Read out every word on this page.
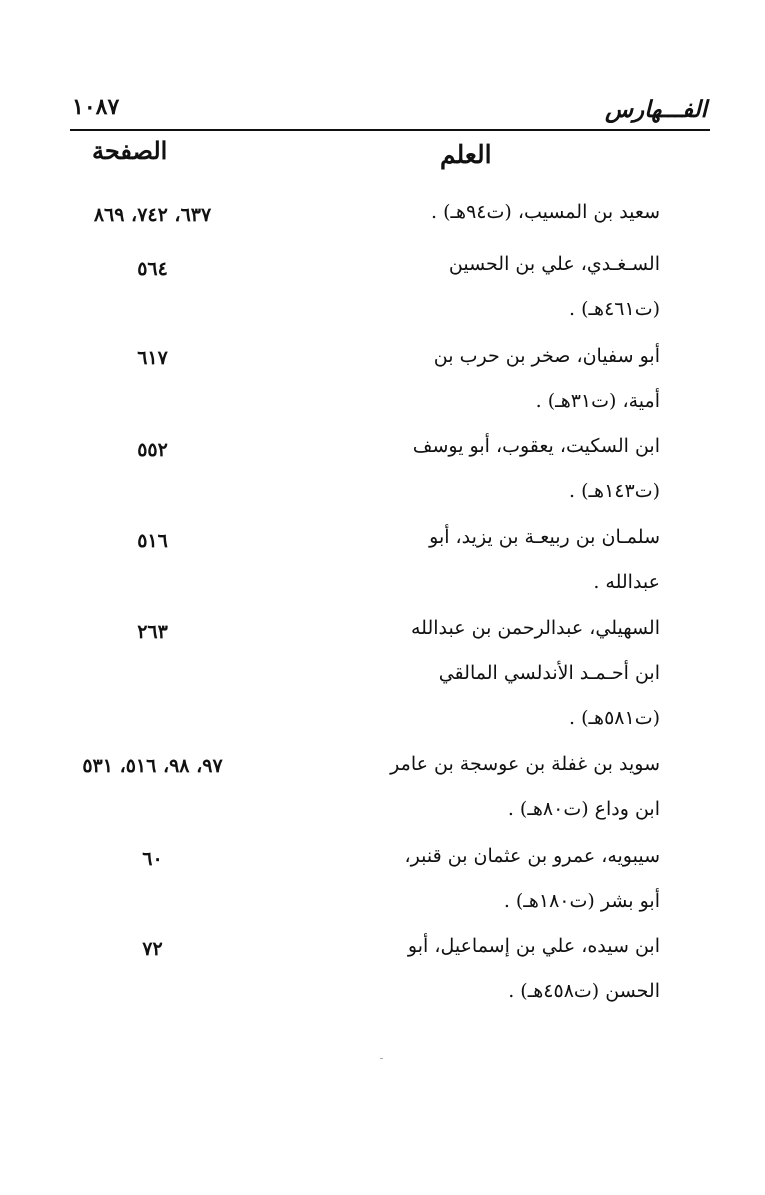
الفـــهارس
١٠٨٧
العلم
الصفحة
سعيد بن المسيب، (ت٩٤هـ) .
٦٣٧، ٧٤٢، ٨٦٩
السـغـدي، علي بن الحسين
(ت٤٦١هـ) .
٥٦٤
أبو سفيان، صخر بن حرب بن
أمية، (ت٣١هـ) .
٦١٧
ابن السكيت، يعقوب، أبو يوسف
(ت١٤٣هـ) .
٥٥٢
سلمـان بن ربيعـة بن يزيد، أبو
عبدالله .
٥١٦
السهيلي، عبدالرحمن بن عبدالله
ابن أحـمـد الأندلسي المالقي
(ت٥٨١هـ) .
٢٦٣
سويد بن غفلة بن عوسجة بن عامر
ابن وداع (ت٨٠هـ) .
٩٧، ٩٨، ٥١٦، ٥٣١
سيبويه، عمرو بن عثمان بن قنبر،
أبو بشر (ت١٨٠هـ) .
٦٠
ابن سيده، علي بن إسماعيل، أبو
الحسن (ت٤٥٨هـ) .
٧٢
